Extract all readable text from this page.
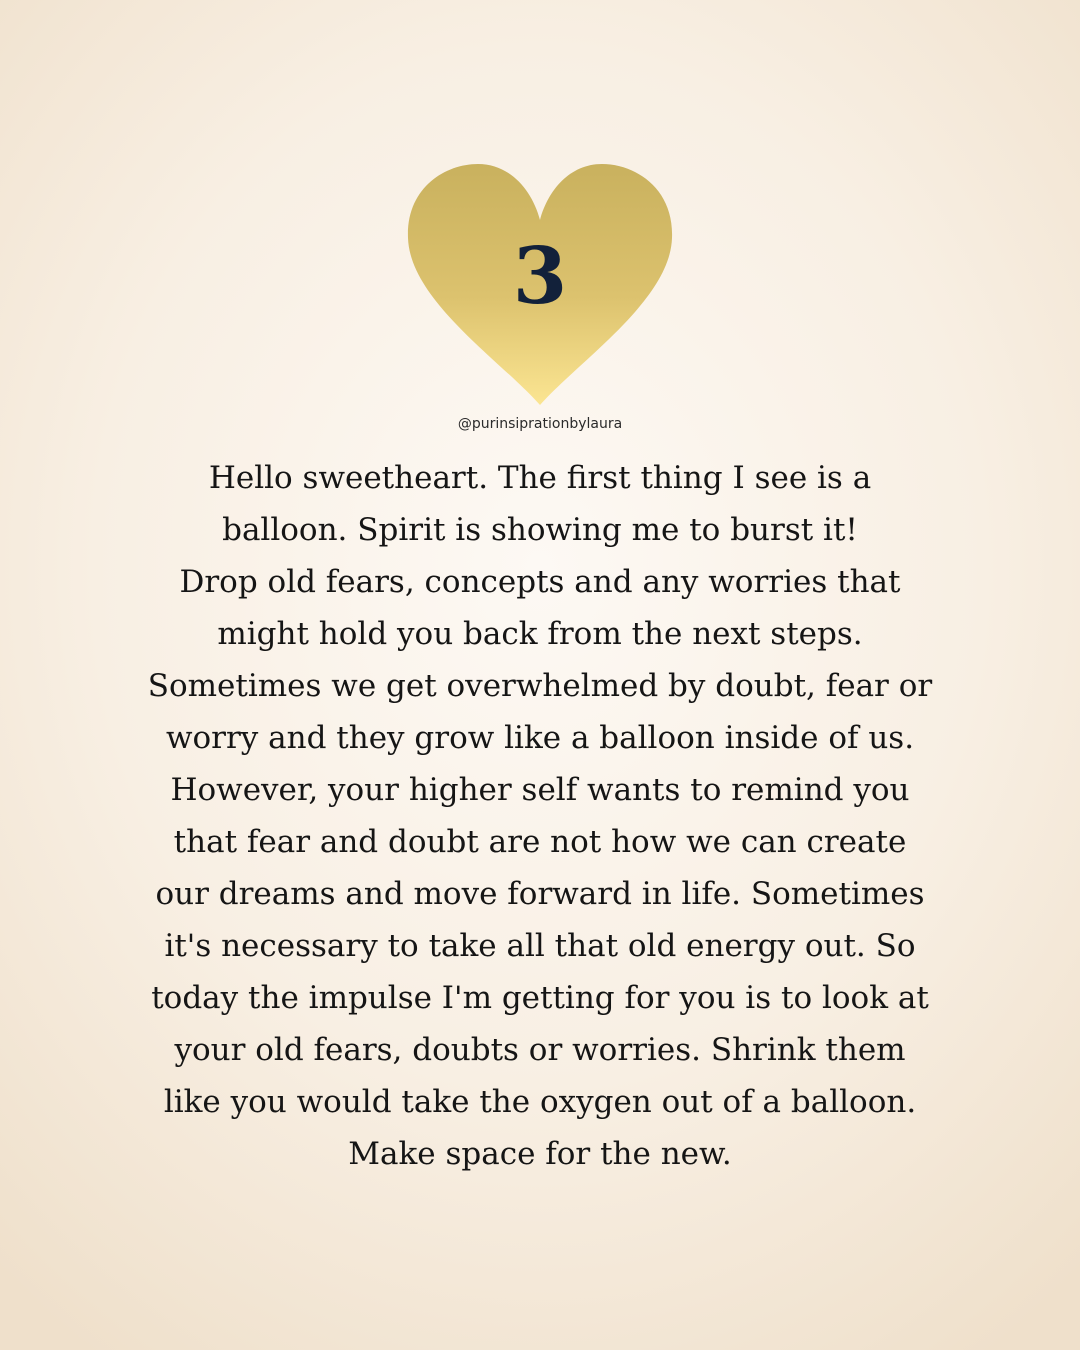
3
@purinsiprationbylaura

Hello sweetheart. The first thing I see is a
balloon. Spirit is showing me to burst it!
Drop old fears, concepts and any worries that
might hold you back from the next steps.
Sometimes we get overwhelmed by doubt, fear or
worry and they grow like a balloon inside of us.
However, your higher self wants to remind you
that fear and doubt are not how we can create
our dreams and move forward in life. Sometimes
it's necessary to take all that old energy out. So
today the impulse I'm getting for you is to look at
your old fears, doubts or worries. Shrink them
like you would take the oxygen out of a balloon.
Make space for the new.
